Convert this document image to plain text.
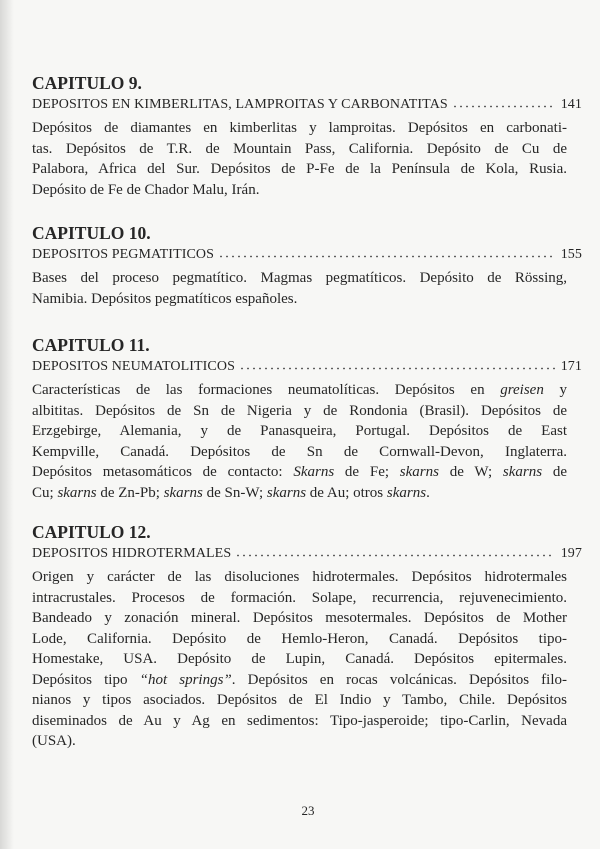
CAPITULO 9.
DEPOSITOS EN KIMBERLITAS, LAMPROITAS Y CARBONATITAS	141
Depósitos de diamantes en kimberlitas y lamproitas. Depósitos en carbonati-
tas. Depósitos de T.R. de Mountain Pass, California. Depósito de Cu de
Palabora, Africa del Sur. Depósitos de P-Fe de la Península de Kola, Rusia.
Depósito de Fe de Chador Malu, Irán.
CAPITULO 10.
DEPOSITOS PEGMATITICOS	155
Bases del proceso pegmatítico. Magmas pegmatíticos. Depósito de Rössing,
Namibia. Depósitos pegmatíticos españoles.
CAPITULO 11.
DEPOSITOS NEUMATOLITICOS	171
Características de las formaciones neumatolíticas. Depósitos en greisen y
albititas. Depósitos de Sn de Nigeria y de Rondonia (Brasil). Depósitos de
Erzgebirge, Alemania, y de Panasqueira, Portugal. Depósitos de East
Kempville, Canadá. Depósitos de Sn de Cornwall-Devon, Inglaterra.
Depósitos metasomáticos de contacto: Skarns de Fe; skarns de W; skarns de
Cu; skarns de Zn-Pb; skarns de Sn-W; skarns de Au; otros skarns.
CAPITULO 12.
DEPOSITOS HIDROTERMALES	197
Origen y carácter de las disoluciones hidrotermales. Depósitos hidrotermales
intracrustales. Procesos de formación. Solape, recurrencia, rejuvenecimiento.
Bandeado y zonación mineral. Depósitos mesotermales. Depósitos de Mother
Lode, California. Depósito de Hemlo-Heron, Canadá. Depósitos tipo-
Homestake, USA. Depósito de Lupin, Canadá. Depósitos epitermales.
Depósitos tipo “hot springs”. Depósitos en rocas volcánicas. Depósitos filo-
nianos y tipos asociados. Depósitos de El Indio y Tambo, Chile. Depósitos
diseminados de Au y Ag en sedimentos: Tipo-jasperoide; tipo-Carlin, Nevada
(USA).
23
